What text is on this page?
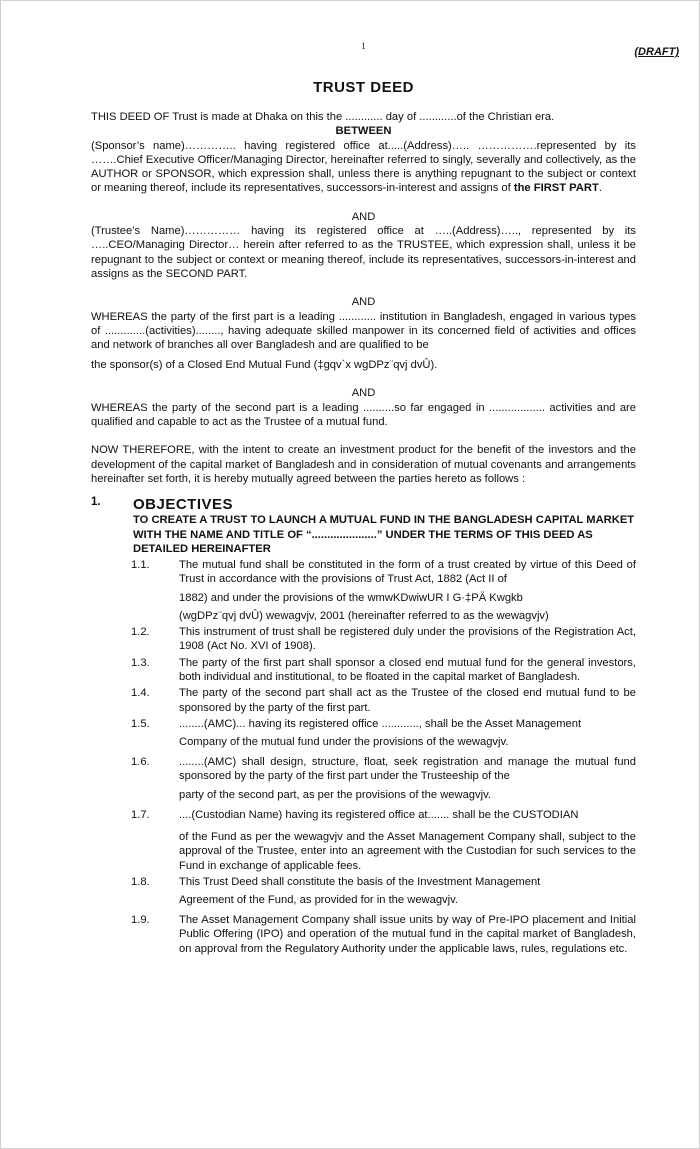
(DRAFT)
1
TRUST DEED

THIS DEED OF Trust is made at Dhaka on this the ............ day of ............of the Christian era.

BETWEEN

(Sponsor’s name)………….. having registered office at.....(Address)….. …………….represented by its …….Chief Executive Officer/Managing Director, hereinafter referred to singly, severally and collectively, as the AUTHOR or SPONSOR, which expression shall, unless there is anything repugnant to the subject or context or meaning thereof, include its representatives, successors-in-interest and assigns of the FIRST PART.

AND

(Trustee’s Name)…………… having its registered office at …..(Address)….., represented by its …..CEO/Managing Director… herein after referred to as the TRUSTEE, which expression shall, unless it be repugnant to the subject or context or meaning thereof, include its representatives, successors-in-interest and assigns as the SECOND PART.

AND

WHEREAS the party of the first part is a leading ............ institution in Bangladesh, engaged in various types of .............(activities)........, having adequate skilled manpower in its concerned field of activities and offices and network of branches all over Bangladesh and are qualified to be

the sponsor(s) of a Closed End Mutual Fund (‡gqv`x wgDPz¨qvj dvÛ).

AND

WHEREAS the party of the second part is a leading ..........so far engaged in .................. activities and are qualified and capable to act as the Trustee of a mutual fund.

NOW THEREFORE, with the intent to create an investment product for the benefit of the investors and the development of the capital market of Bangladesh and in consideration of mutual covenants and arrangements hereinafter set forth, it is hereby mutually agreed between the parties hereto as follows :

1. OBJECTIVES
TO CREATE A TRUST TO LAUNCH A MUTUAL FUND IN THE BANGLADESH CAPITAL MARKET WITH THE NAME AND TITLE OF “.....................” UNDER THE TERMS OF THIS DEED AS DETAILED HEREINAFTER
1.1.	The mutual fund shall be constituted in the form of a trust created by virtue of this Deed of Trust in accordance with the provisions of Trust Act, 1882 (Act II of
1882) and under the provisions of the wmwKDwiwUR I G·‡PÄ Kwgkb
(wgDPz¨qvj dvÛ) wewagvjv, 2001 (hereinafter referred to as the wewagvjv)
1.2.	This instrument of trust shall be registered duly under the provisions of the Registration Act, 1908 (Act No. XVI of 1908).
1.3.	The party of the first part shall sponsor a closed end mutual fund for the general investors, both individual and institutional, to be floated in the capital market of Bangladesh.
1.4.	The party of the second part shall act as the Trustee of the closed end mutual fund to be sponsored by the party of the first part.
1.5.	........(AMC)... having its registered office ............, shall be the Asset Management
Company of the mutual fund under the provisions of the wewagvjv.
1.6.	........(AMC) shall design, structure, float, seek registration and manage the mutual fund sponsored by the party of the first part under the Trusteeship of the
party of the second part, as per the provisions of the wewagvjv.
1.7.	....(Custodian Name) having its registered office at....... shall be the CUSTODIAN
of the Fund as per the wewagvjv and the Asset Management Company shall, subject to the approval of the Trustee, enter into an agreement with the Custodian for such services to the Fund in exchange of applicable fees.
1.8.	This Trust Deed shall constitute the basis of the Investment Management
Agreement of the Fund, as provided for in the wewagvjv.
1.9.	The Asset Management Company shall issue units by way of Pre-IPO placement and Initial Public Offering (IPO) and operation of the mutual fund in the capital market of Bangladesh, on approval from the Regulatory Authority under the applicable laws, rules, regulations etc.
